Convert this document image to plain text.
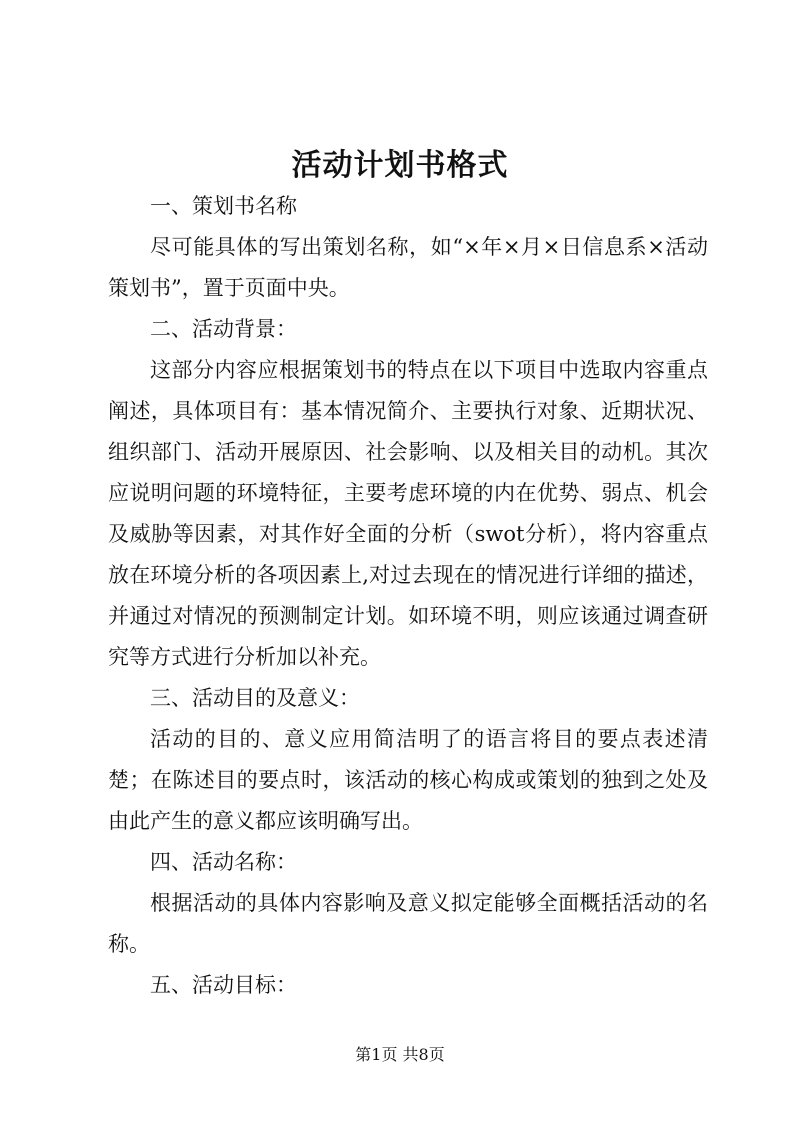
活动计划书格式

一、策划书名称

尽可能具体的写出策划名称，如“×年×月×日信息系×活动策划书”，置于页面中央。

二、活动背景：

这部分内容应根据策划书的特点在以下项目中选取内容重点阐述，具体项目有：基本情况简介、主要执行对象、近期状况、组织部门、活动开展原因、社会影响、以及相关目的动机。其次应说明问题的环境特征，主要考虑环境的内在优势、弱点、机会及威胁等因素，对其作好全面的分析（swot分析），将内容重点放在环境分析的各项因素上,对过去现在的情况进行详细的描述，并通过对情况的预测制定计划。如环境不明，则应该通过调查研究等方式进行分析加以补充。

三、活动目的及意义：

活动的目的、意义应用简洁明了的语言将目的要点表述清楚；在陈述目的要点时，该活动的核心构成或策划的独到之处及由此产生的意义都应该明确写出。

四、活动名称：

根据活动的具体内容影响及意义拟定能够全面概括活动的名称。

五、活动目标：

第1页 共8页
